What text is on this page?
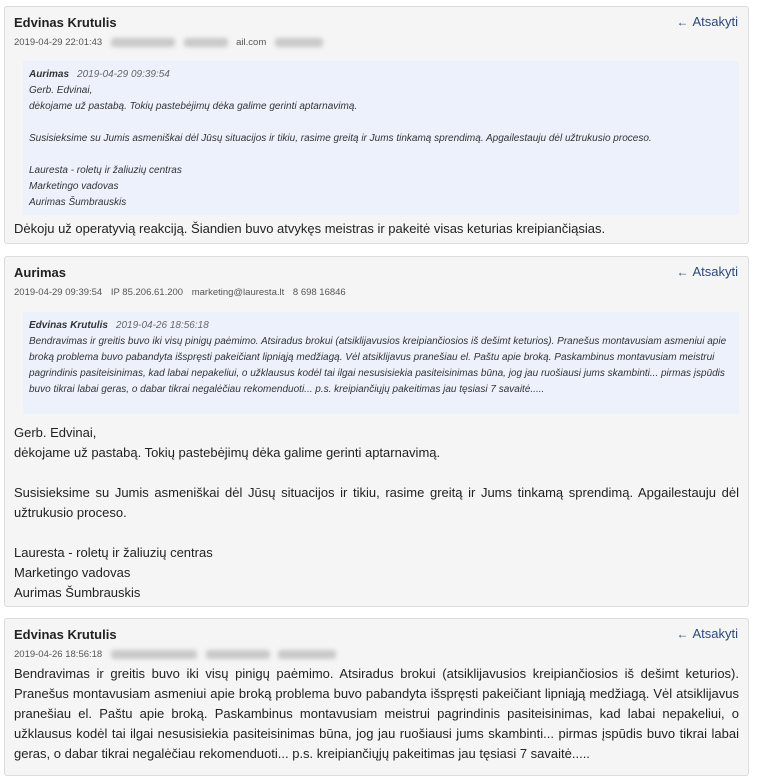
Edvinas Krutulis	← Atsakyti
2019-04-29 22:01:43	ail.com
Aurimas 2019-04-29 09:39:54
Gerb. Edvinai,
dėkojame už pastabą. Tokių pastebėjimų dėka galime gerinti aptarnavimą.

Susisieksime su Jumis asmeniškai dėl Jūsų situacijos ir tikiu, rasime greitą ir Jums tinkamą sprendimą. Apgailestauju dėl užtrukusio proceso.

Lauresta - roletų ir žaliuzių centras
Marketingo vadovas
Aurimas Šumbrauskis
Dėkoju už operatyvią reakciją. Šiandien buvo atvykęs meistras ir pakeitė visas keturias kreipiančiąsias.
Aurimas	← Atsakyti
2019-04-29 09:39:54 IP 85.206.61.200 marketing@lauresta.lt 8 698 16846
Edvinas Krutulis 2019-04-26 18:56:18
Bendravimas ir greitis buvo iki visų pinigų paėmimo. Atsiradus brokui (atsiklijavusios kreipiančiosios iš dešimt keturios). Pranešus montavusiam asmeniui apie broką problema buvo pabandyta išspręsti pakeičiant lipniąją medžiagą. Vėl atsiklijavus pranešiau el. Paštu apie broką. Paskambinus montavusiam meistrui pagrindinis pasiteisinimas, kad labai nepakeliui, o užklausus kodėl tai ilgai nesusisiekia pasiteisinimas būna, jog jau ruošiausi jums skambinti... pirmas įspūdis buvo tikrai labai geras, o dabar tikrai negalėčiau rekomenduoti... p.s. kreipiančiųjų pakeitimas jau tęsiasi 7 savaitė.....
Gerb. Edvinai,
dėkojame už pastabą. Tokių pastebėjimų dėka galime gerinti aptarnavimą.
Susisieksime su Jumis asmeniškai dėl Jūsų situacijos ir tikiu, rasime greitą ir Jums tinkamą sprendimą. Apgailestauju dėl užtrukusio proceso.
Lauresta - roletų ir žaliuzių centras
Marketingo vadovas
Aurimas Šumbrauskis
Edvinas Krutulis	← Atsakyti
2019-04-26 18:56:18
Bendravimas ir greitis buvo iki visų pinigų paėmimo. Atsiradus brokui (atsiklijavusios kreipiančiosios iš dešimt keturios). Pranešus montavusiam asmeniui apie broką problema buvo pabandyta išspręsti pakeičiant lipniąją medžiagą. Vėl atsiklijavus pranešiau el. Paštu apie broką. Paskambinus montavusiam meistrui pagrindinis pasiteisinimas, kad labai nepakeliui, o užklausus kodėl tai ilgai nesusisiekia pasiteisinimas būna, jog jau ruošiausi jums skambinti... pirmas įspūdis buvo tikrai labai geras, o dabar tikrai negalėčiau rekomenduoti... p.s. kreipiančiųjų pakeitimas jau tęsiasi 7 savaitė.....
